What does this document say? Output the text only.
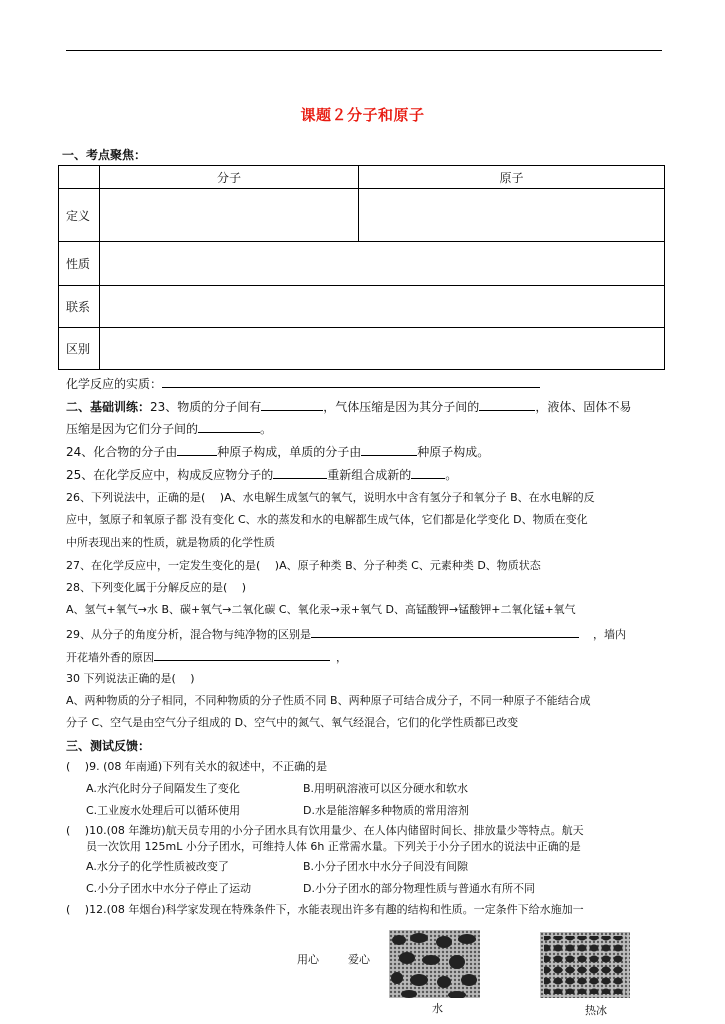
课题２分子和原子
一、考点聚焦：
	分子	原子
定义		
性质		
联系		
区别		
化学反应的实质：
二、基础训练：23、物质的分子间有	，气体压缩是因为其分子间的	，液体、固体不易
压缩是因为它们分子间的	。
24、化合物的分子由	种原子构成，单质的分子由	种原子构成。
25、在化学反应中，构成反应物分子的	重新组合成新的	。
26、下列说法中，正确的是(　 )A、水电解生成氢气的氧气，说明水中含有氢分子和氧分子 B、在水电解的反
应中，氢原子和氧原子都 没有变化 C、水的蒸发和水的电解都生成气体，它们都是化学变化 D、物质在变化
中所表现出来的性质，就是物质的化学性质
27、在化学反应中，一定发生变化的是(　 )A、原子种类 B、分子种类 C、元素种类 D、物质状态
28、下列变化属于分解反应的是(　 )
A、氢气+氧气→水 B、碳+氧气→二氧化碳 C、氧化汞→汞+氧气 D、高锰酸钾→锰酸钾+二氧化锰+氧气
29、从分子的角度分析，混合物与纯净物的区别是	，墙内
开花墙外香的原因	，
30 下列说法正确的是(　 )
A、两种物质的分子相同，不同种物质的分子性质不同 B、两种原子可结合成分子，不同一种原子不能结合成
分子 C、空气是由空气分子组成的 D、空气中的氮气、氧气经混合，它们的化学性质都已改变
三、测试反馈：
(　 )9. (08 年南通)下列有关水的叙述中，不正确的是
A.水汽化时分子间隔发生了变化	B.用明矾溶液可以区分硬水和软水
C.工业废水处理后可以循环使用	D.水是能溶解多种物质的常用溶剂
(　 )10.(08 年潍坊)航天员专用的小分子团水具有饮用量少、在人体内储留时间长、排放量少等特点。航天
员一次饮用 125mL 小分子团水，可维持人体 6h 正常需水量。下列关于小分子团水的说法中正确的是
A.水分子的化学性质被改变了	B.小分子团水中水分子间没有间隙
C.小分子团水中水分子停止了运动	D.小分子团水的部分物理性质与普通水有所不同
(　 )12.(08 年烟台)科学家发现在特殊条件下，水能表现出许多有趣的结构和性质。一定条件下给水施加一
用心	爱心
水	热冰
